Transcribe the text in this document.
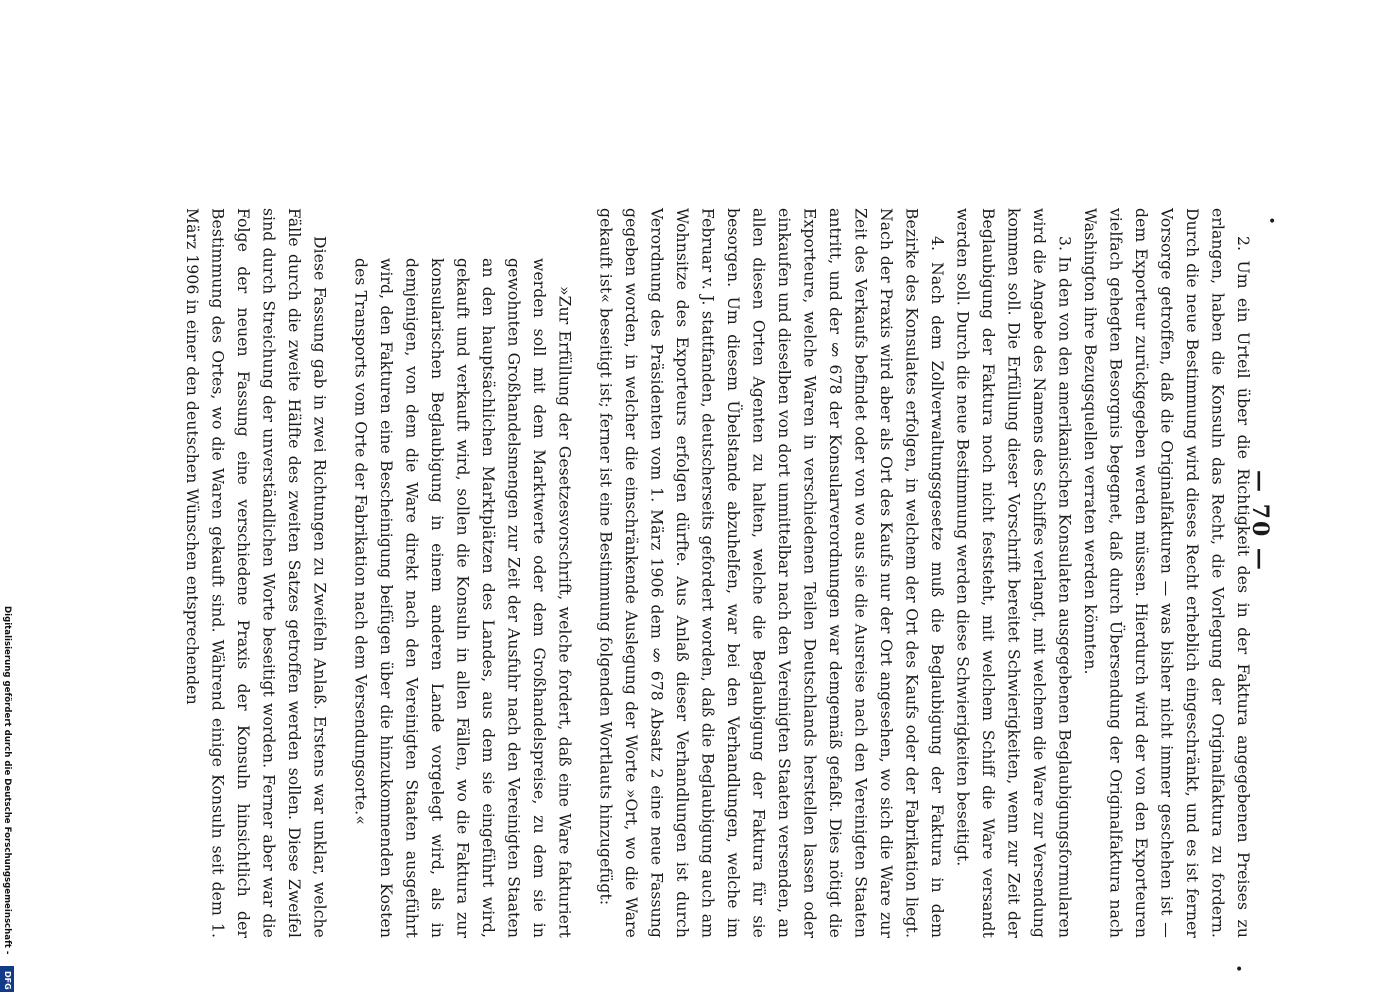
•
•
— 70 —

2. Um ein Urteil über die Richtigkeit des in der Faktura angegebenen Preises zu erlangen, haben die Konsuln das Recht, die Vorlegung der Originalfaktura zu fordern. Durch die neue Bestimmung wird dieses Recht erheblich eingeschränkt, und es ist ferner Vorsorge getroffen, daß die Originalfakturen — was bisher nicht immer geschehen ist — dem Exporteur zurückgegeben werden müssen. Hierdurch wird der von den Exporteuren vielfach gehegten Besorgnis begegnet, daß durch Übersendung der Originalfaktura nach Washington ihre Bezugsquellen verraten werden könnten.

3. In den von den amerikanischen Konsulaten ausgegebenen Beglaubigungsformularen wird die Angabe des Namens des Schiffes verlangt, mit welchem die Ware zur Versendung kommen soll. Die Erfüllung dieser Vorschrift bereitet Schwierigkeiten, wenn zur Zeit der Beglaubigung der Faktura noch nicht feststeht, mit welchem Schiff die Ware versandt werden soll. Durch die neue Bestimmung werden diese Schwierigkeiten beseitigt.

4. Nach dem Zollverwaltungsgesetze muß die Beglaubigung der Faktura in dem Bezirke des Konsulates erfolgen, in welchem der Ort des Kaufs oder der Fabrikation liegt. Nach der Praxis wird aber als Ort des Kaufs nur der Ort angesehen, wo sich die Ware zur Zeit des Verkaufs befindet oder von wo aus sie die Ausreise nach den Vereinigten Staaten antritt, und der § 678 der Konsularverordnungen war demgemäß gefaßt. Dies nötigt die Exporteure, welche Waren in verschiedenen Teilen Deutschlands herstellen lassen oder einkaufen und dieselben von dort unmittelbar nach den Vereinigten Staaten versenden, an allen diesen Orten Agenten zu halten, welche die Beglaubigung der Faktura für sie besorgen. Um diesem Übelstande abzuhelfen, war bei den Verhandlungen, welche im Februar v. J. stattfanden, deutscherseits gefordert worden, daß die Beglaubigung auch am Wohnsitze des Exporteurs erfolgen dürfte. Aus Anlaß dieser Verhandlungen ist durch Verordnung des Präsidenten vom 1. März 1906 dem § 678 Absatz 2 eine neue Fassung gegeben worden, in welcher die einschränkende Auslegung der Worte »Ort, wo die Ware gekauft ist« beseitigt ist; ferner ist eine Bestimmung folgenden Wortlauts hinzugefügt:

»Zur Erfüllung der Gesetzesvorschrift, welche fordert, daß eine Ware fakturiert werden soll mit dem Marktwerte oder dem Großhandelspreise, zu dem sie in gewohnten Großhandelsmengen zur Zeit der Ausfuhr nach den Vereinigten Staaten an den hauptsächlichen Marktplätzen des Landes, aus dem sie eingeführt wird, gekauft und verkauft wird, sollen die Konsuln in allen Fällen, wo die Faktura zur konsularischen Beglaubigung in einem anderen Lande vorgelegt wird, als in demjenigen, von dem die Ware direkt nach den Vereinigten Staaten ausgeführt wird, den Fakturen eine Bescheinigung beifügen über die hinzukommenden Kosten des Transports vom Orte der Fabrikation nach dem Versendungsorte.«

Diese Fassung gab in zwei Richtungen zu Zweifeln Anlaß. Erstens war unklar, welche Fälle durch die zweite Hälfte des zweiten Satzes getroffen werden sollen. Diese Zweifel sind durch Streichung der unverständlichen Worte beseitigt worden. Ferner aber war die Folge der neuen Fassung eine verschiedene Praxis der Konsuln hinsichtlich der Bestimmung des Ortes, wo die Waren gekauft sind. Während einige Konsuln seit dem 1. März 1906 in einer den deutschen Wünschen entsprechenden

Digitalisierung gefördert durch die Deutsche Forschungsgemeinschaft -
DFG
